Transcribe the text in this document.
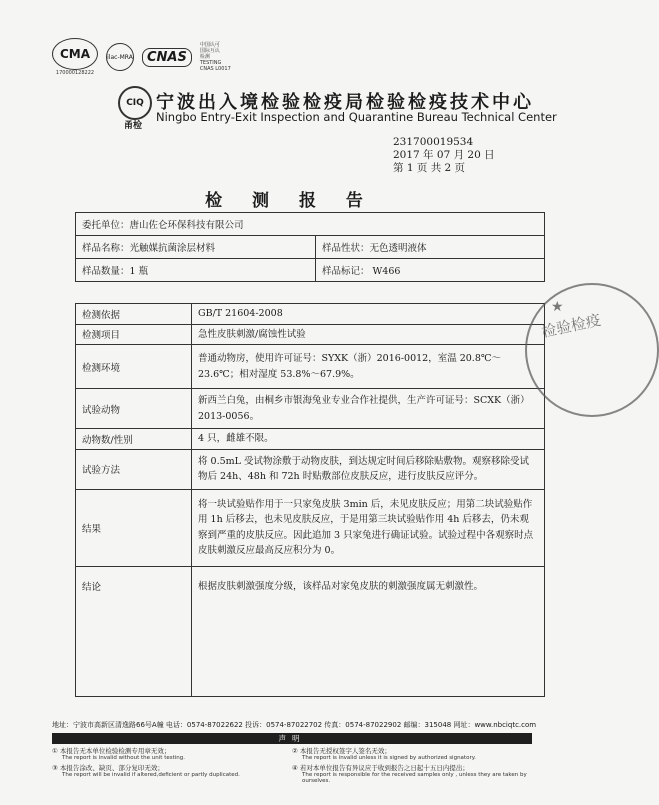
CMA
170000128222
ilac-MRA	CNAS
中国认可
国际互认
检测
TESTING
CNAS L0017
CIQ
甬检
宁波出入境检验检疫局检验检疫技术中心
Ningbo Entry-Exit Inspection and Quarantine Bureau Technical Center
231700019534
2017 年 07 月 20 日
第 1 页 共 2 页
检 测 报 告
委托单位：唐山佐仑环保科技有限公司	
样品名称：光触媒抗菌涂层材料	样品性状：无色透明液体
样品数量：1 瓶	样品标记： W466
检测依据	GB/T 21604-2008
检测项目	急性皮肤刺激/腐蚀性试验
检测环境	普通动物房，使用许可证号：SYXK（浙）2016-0012，室温 20.8℃～23.6℃；相对湿度 53.8%～67.9%。
试验动物	新西兰白兔，由桐乡市银海兔业专业合作社提供，生产许可证号：SCXK（浙）2013-0056。
动物数/性别	4 只，雌雄不限。
试验方法	将 0.5mL 受试物涂敷于动物皮肤，到达规定时间后移除贴敷物。观察移除受试物后 24h、48h 和 72h 时贴敷部位皮肤反应，进行皮肤反应评分。
结果	将一块试验贴作用于一只家兔皮肤 3min 后，未见皮肤反应；用第二块试验贴作用 1h 后移去，也未见皮肤反应，于是用第三块试验贴作用 4h 后移去，仍未观察到严重的皮肤反应。因此追加 3 只家兔进行确证试验。试验过程中各观察时点皮肤刺激反应最高反应积分为 0。
结论	根据皮肤刺激强度分级，该样品对家兔皮肤的刺激强度属无刺激性。
★
检验检疫
地址：宁波市高新区清逸路66号A幢 电话：0574-87022622 投诉：0574-87022702 传真：0574-87022902 邮编：315048 网址：www.nbciqtc.com
声明
① 本报告无本单位检验检测专用章无效；
The report is invalid without the unit testing.
② 本报告无授权签字人签名无效；
The report is invalid unless it is signed by authorized signatory.
③ 本报告涂改、缺页、部分复印无效；
The report will be invalid if altered,deficient or partly duplicated.
④ 若对本单位报告有异议应于收到报告之日起十五日内提出；
The report is responsible for the received samples only , unless they are taken by ourselves.
